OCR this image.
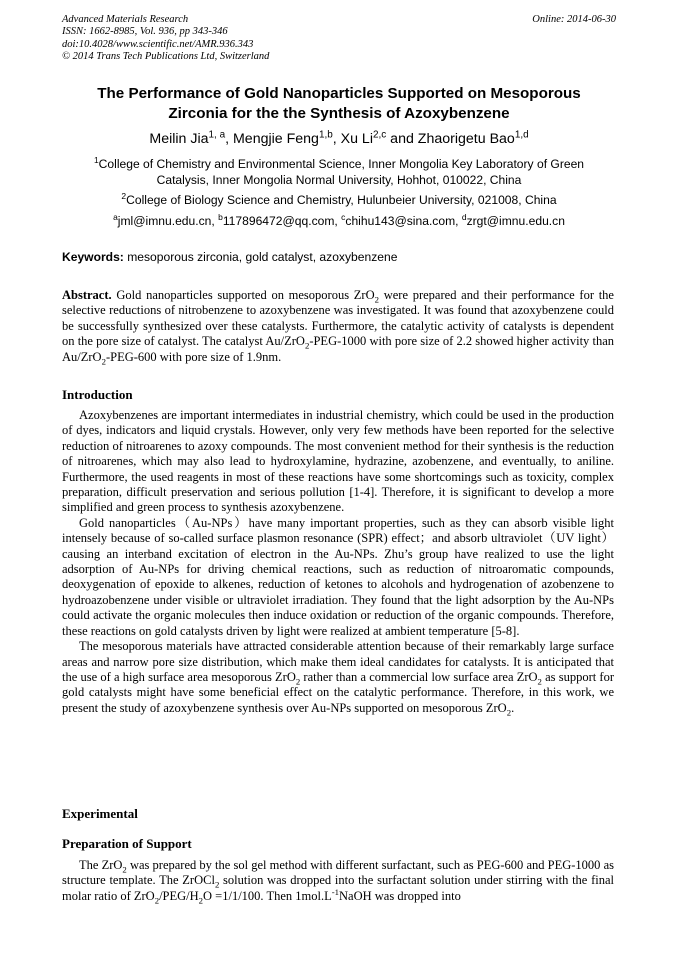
Advanced Materials Research
ISSN: 1662-8985, Vol. 936, pp 343-346
doi:10.4028/www.scientific.net/AMR.936.343
© 2014 Trans Tech Publications Ltd, Switzerland
Online: 2014-06-30
The Performance of Gold Nanoparticles Supported on Mesoporous
Zirconia for the the Synthesis of Azoxybenzene
Meilin Jia$^{1, a}$, Mengjie Feng$^{1,b}$, Xu Li$^{2,c}$ and Zhaorigetu Bao$^{1,d}$
$^1$College of Chemistry and Environmental Science, Inner Mongolia Key Laboratory of Green
Catalysis, Inner Mongolia Normal University, Hohhot, 010022, China
$^2$College of Biology Science and Chemistry, Hulunbeier University, 021008, China
$^a$jml@imnu.edu.cn, $^b$117896472@qq.com, $^c$chihu143@sina.com, $^d$zrgt@imnu.edu.cn
Keywords: mesoporous zirconia, gold catalyst, azoxybenzene

Abstract. Gold nanoparticles supported on mesoporous ZrO$_2$ were prepared and their performance for the selective reductions of nitrobenzene to azoxybenzene was investigated. It was found that azoxybenzene could be successfully synthesized over these catalysts. Furthermore, the catalytic activity of catalysts is dependent on the pore size of catalyst. The catalyst Au/ZrO$_2$-PEG-1000 with pore size of 2.2 showed higher activity than Au/ZrO$_2$-PEG-600 with pore size of 1.9nm.

Introduction

Azoxybenzenes are important intermediates in industrial chemistry, which could be used in the production of dyes, indicators and liquid crystals. However, only very few methods have been reported for the selective reduction of nitroarenes to azoxy compounds. The most convenient method for their synthesis is the reduction of nitroarenes, which may also lead to hydroxylamine, hydrazine, azobenzene, and eventually, to aniline. Furthermore, the used reagents in most of these reactions have some shortcomings such as toxicity, complex preparation, difficult preservation and serious pollution [1-4]. Therefore, it is significant to develop a more simplified and green process to synthesis azoxybenzene.

Gold nanoparticles（Au-NPs）have many important properties, such as they can absorb visible light intensely because of so-called surface plasmon resonance (SPR) effect；and absorb ultraviolet（UV light）causing an interband excitation of electron in the Au-NPs. Zhu’s group have realized to use the light adsorption of Au-NPs for driving chemical reactions, such as reduction of nitroaromatic compounds, deoxygenation of epoxide to alkenes, reduction of ketones to alcohols and hydrogenation of azobenzene to hydroazobenzene under visible or ultraviolet irradiation. They found that the light adsorption by the Au-NPs could activate the organic molecules then induce oxidation or reduction of the organic compounds. Therefore, these reactions on gold catalysts driven by light were realized at ambient temperature [5-8].

The mesoporous materials have attracted considerable attention because of their remarkably large surface areas and narrow pore size distribution, which make them ideal candidates for catalysts. It is anticipated that the use of a high surface area mesoporous ZrO$_2$ rather than a commercial low surface area ZrO$_2$ as support for gold catalysts might have some beneficial effect on the catalytic performance. Therefore, in this work, we present the study of azoxybenzene synthesis over Au-NPs supported on mesoporous ZrO$_2$.

Experimental
Preparation of Support

The ZrO$_2$ was prepared by the sol gel method with different surfactant, such as PEG-600 and PEG-1000 as structure template. The ZrOCl$_2$ solution was dropped into the surfactant solution under stirring with the final molar ratio of $ZrO_2/PEG/H_2O =1/1/100$. Then $1mol.L^{-1}NaOH$ was dropped into
